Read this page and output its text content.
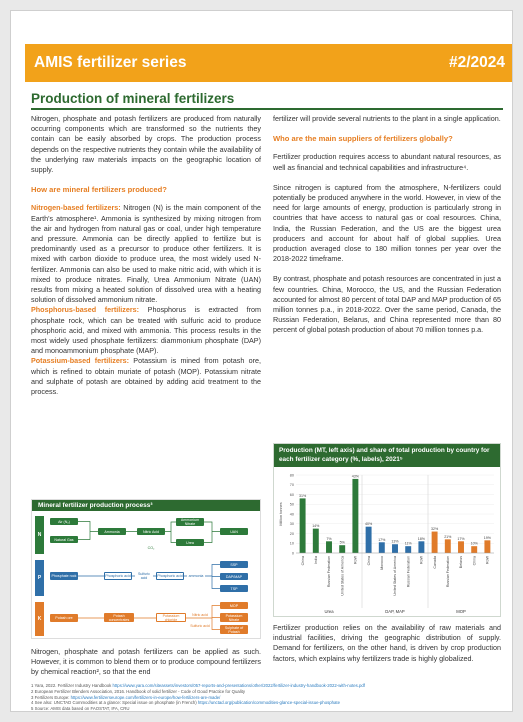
AMIS fertilizer series	#2/2024
Production of mineral fertilizers

Nitrogen, phosphate and potash fertilizers are produced from naturally occurring components which are transformed so the nutrients they contain can be easily absorbed by crops. The production process depends on the respective nutrients they contain while the availability of the underlying raw materials impacts on the geographic location of supply.

How are mineral fertilizers produced?

Nitrogen-based fertilizers: Nitrogen (N) is the main component of the Earth's atmosphere¹. Ammonia is synthesized by mixing nitrogen from the air and hydrogen from natural gas or coal, under high temperature and pressure. Ammonia can be directly applied to fertilize but is predominantly used as a precursor to produce other fertilizers. It is mixed with carbon dioxide to produce urea, the most widely used N-fertilizer. Ammonia can also be used to make nitric acid, with which it is mixed to produce nitrates. Finally, Urea Ammonium Nitrate (UAN) results from mixing a heated solution of dissolved urea with a heating solution of dissolved ammonium nitrate.

Phosphorus-based fertilizers: Phosphorus is extracted from phosphate rock, which can be treated with sulfuric acid to produce phosphoric acid, and mixed with ammonia. This process results in the most widely used phosphate fertilizers: diammonium phosphate (DAP) and monoammonium phosphate (MAP).

Potassium-based fertilizers: Potassium is mined from potash ore, which is refined to obtain muriate of potash (MOP). Potassium nitrate and sulphate of potash are obtained by adding acid treatment to the process.

Mineral fertilizer production process³
N
Air (N₂)
Natural Gas
Ammonia	Nitric Acid
Ammonium Nitrate
Urea
UAN
CO₂
P	Phosphate rock	Phosphoric acid	Phosphoric acid
SSP
DAP/MAP
TSP
Sulfuric acid	ammonia
K	Potash ore
Potash concentrates
Potassium chloride
MOP
Potassium Nitrate
Sulphate of Potash
Nitric acid
Sulfuric acid

Nitrogen, phosphate and potash fertilizers can be applied as such. However, it is common to blend them or to produce compound fertilizers by chemical reaction², so that the end

fertilizer will provide several nutrients to the plant in a single application.

Who are the main suppliers of fertilizers globally?

Fertilizer production requires access to abundant natural resources, as well as financial and technical capabilities and infrastructure⁴.

Since nitrogen is captured from the atmosphere, N-fertilizers could potentially be produced anywhere in the world. However, in view of the need for large amounts of energy, production is particularly strong in countries that have access to natural gas or coal resources. China, India, the Russian Federation, and the US are the biggest urea producers and account for about half of global supplies. Urea production averaged close to 180 million tonnes per year over the 2018-2022 timeframe.

By contrast, phosphate and potash resources are concentrated in just a few countries. China, Morocco, the US, and the Russian Federation accounted for almost 80 percent of total DAP and MAP production of 65 million tonnes p.a., in 2018-2022. Over the same period, Canada, the Russian Federation, Belarus, and China represented more than 80 percent of global potash production of about 70 million tonnes p.a.

Production (MT, left axis) and share of total production by country for each fertilizer category (%, labels), 2021⁵
0
10
20
30
40
50
60
70
80
Million tonnes
31%
China
14%
India
7%
Russian Federation
5%
United States of America
43%
RoW
Urea
40%
China
17%
Morocco
13%
United States of America
11%
Russian Federation
18%
RoW
DAP, MAP
32%
Canada
21%
Russian Federation
17%
Belarus
10%
China
19%
RoW
MOP

Fertilizer production relies on the availability of raw materials and industrial facilities, driving the geographic distribution of supply. Demand for fertilizers, on the other hand, is driven by crop production factors, which explains why fertilizers trade is highly globalized.

1 Yara, 2022. Fertilizer Industry Handbook https://www.yara.com/siteassets/investors/057-reports-and-presentations/other/2022/fertilizer-industry-handbook-2022-with-notes.pdf
2 European Fertilizer Blenders Association, 2016. Handbook of solid fertilizer - Code of Good Practice for Quality
3 Fertilizers Europe: https://www.fertilizerseurope.com/fertilizers-in-europe/how-fertilizers-are-made/
4 See also: UNCTAD Commodities at a glance: Special issue on phosphate (in French) https://unctad.org/publication/commodities-glance-special-issue-phosphate
5 Source: AMIS data based on FAOSTAT, IFA, CRU
